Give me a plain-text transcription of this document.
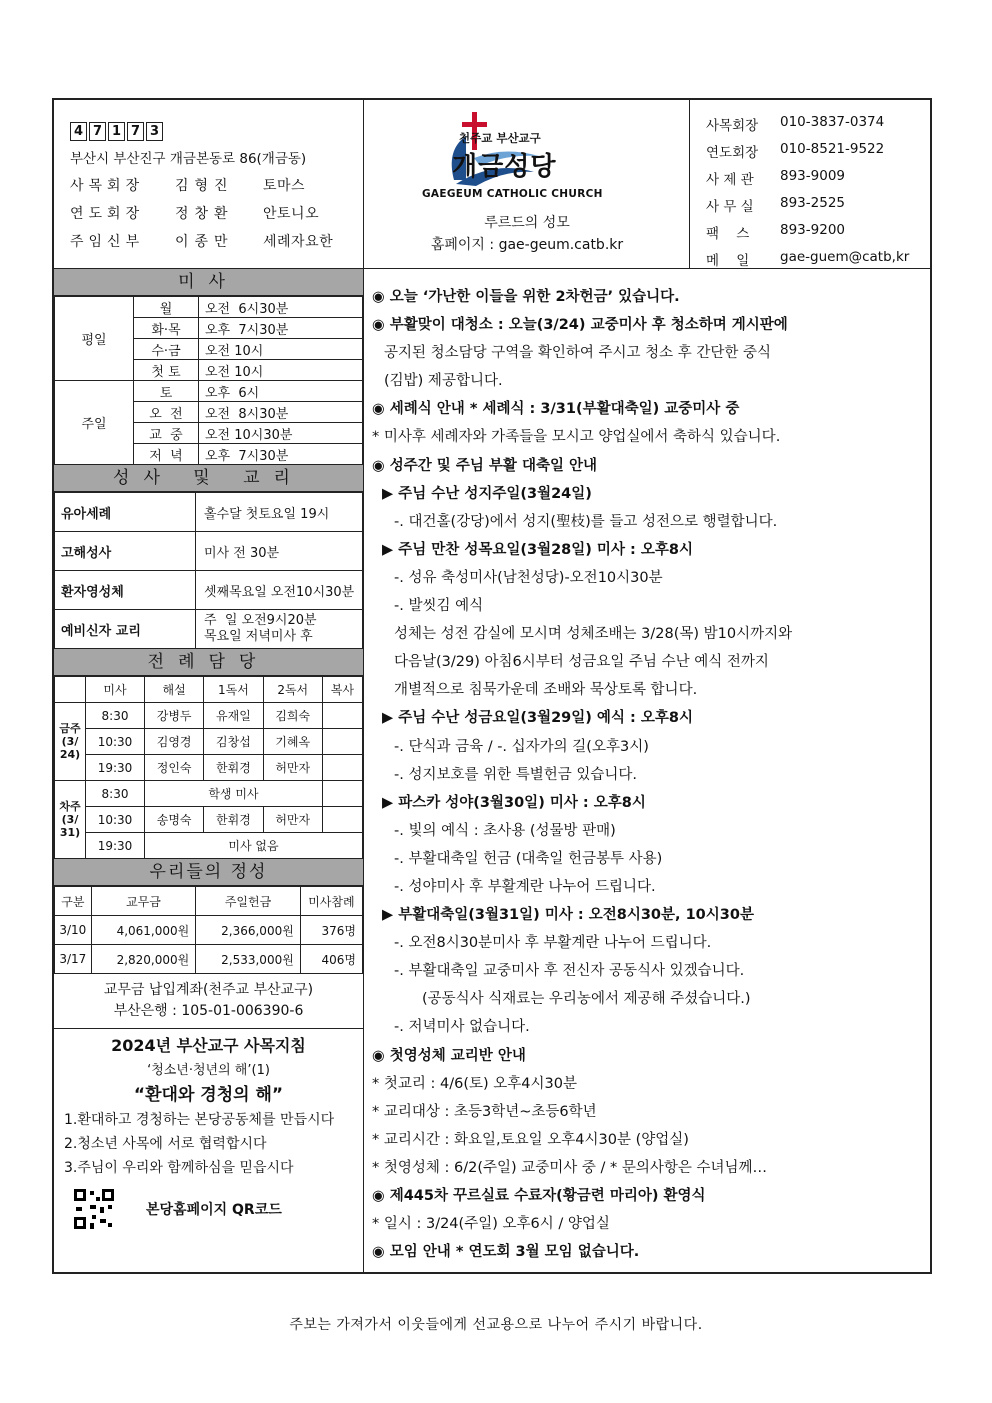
4 7 1 7 3
부산시 부산진구 개금본동로 86(개금동)
사목회장	김형진	토마스
연도회장	정창환	안토니오
주임신부	이종만	세례자요한
천주교 부산교구
개금성당
GAEGEUM CATHOLIC CHURCH
루르드의 성모
홈페이지 : gae-geum.catb.kr
사목회장	010-3837-0374
연도회장	010-8521-9522
사 제 관	893-9009
사 무 실	893-2525
팩    스	893-9200
메    일	gae-guem@catb,kr
미사
평일	월	오전  6시30분
	화·목	오후  7시30분
	수·금	오전 10시
	첫 토	오전 10시
주일	토	오후  6시
	오  전	오전  8시30분
	교  중	오전 10시30분
	저  녁	오후  7시30분
성사 및 교리
유아세례	홀수달 첫토요일 19시
고해성사	미사 전 30분
환자영성체	셋째목요일 오전10시30분
예비신자 교리	주  일 오전9시20분
목요일 저녁미사 후
전례담당
	미사	해설	1독서	2독서	복사
금주(3/24)	8:30	강병두	유재일	김희숙	
	10:30	김영경	김창섭	기혜옥	
	19:30	정인숙	한휘경	허만자	
차주(3/31)	8:30	학생 미사			
	10:30	송명숙	한휘경	허만자	
	19:30	미사 없음			
우리들의 정성
구분	교무금	주일헌금	미사참례
3/10	4,061,000원	2,366,000원	376명
3/17	2,820,000원	2,533,000원	406명
교무금 납입계좌(천주교 부산교구)
부산은행 : 105-01-006390-6
2024년 부산교구 사목지침
‘청소년·청년의 해’(1)
“환대와 경청의 해”
1.환대하고 경청하는 본당공동체를 만듭시다
2.청소년 사목에 서로 협력합시다
3.주님이 우리와 함께하심을 믿읍시다
본당홈페이지 QR코드
◉ 오늘 ‘가난한 이들을 위한 2차헌금’ 있습니다.
◉ 부활맞이 대청소 : 오늘(3/24) 교중미사 후 청소하며 게시판에
공지된 청소담당 구역을 확인하여 주시고 청소 후 간단한 중식
(김밥) 제공합니다.
◉ 세례식 안내 * 세례식 : 3/31(부활대축일) 교중미사 중
* 미사후 세례자와 가족들을 모시고 양업실에서 축하식 있습니다.
◉ 성주간 및 주님 부활 대축일 안내
▶ 주님 수난 성지주일(3월24일)
-. 대건홀(강당)에서 성지(聖枝)를 들고 성전으로 행렬합니다.
▶ 주님 만찬 성목요일(3월28일) 미사 : 오후8시
-. 성유 축성미사(남천성당)-오전10시30분
-. 발씻김 예식
성체는 성전 감실에 모시며 성체조배는 3/28(목) 밤10시까지와
다음날(3/29) 아침6시부터 성금요일 주님 수난 예식 전까지
개별적으로 침묵가운데 조배와 묵상토록 합니다.
▶ 주님 수난 성금요일(3월29일) 예식 : 오후8시
-. 단식과 금육 / -. 십자가의 길(오후3시)
-. 성지보호를 위한 특별헌금 있습니다.
▶ 파스카 성야(3월30일) 미사 : 오후8시
-. 빛의 예식 : 초사용 (성물방 판매)
-. 부활대축일 헌금 (대축일 헌금봉투 사용)
-. 성야미사 후 부활계란 나누어 드립니다.
▶ 부활대축일(3월31일) 미사 : 오전8시30분, 10시30분
-. 오전8시30분미사 후 부활계란 나누어 드립니다.
-. 부활대축일 교중미사 후 전신자 공동식사 있겠습니다.
(공동식사 식재료는 우리농에서 제공해 주셨습니다.)
-. 저녁미사 없습니다.
◉ 첫영성체 교리반 안내
* 첫교리 : 4/6(토) 오후4시30분
* 교리대상 : 초등3학년~초등6학년
* 교리시간 : 화요일,토요일 오후4시30분 (양업실)
* 첫영성체 : 6/2(주일) 교중미사 중 / * 문의사항은 수녀님께…
◉ 제445차 꾸르실료 수료자(황금련 마리아) 환영식
* 일시 : 3/24(주일) 오후6시 / 양업실
◉ 모임 안내 * 연도회 3월 모임 없습니다.
주보는 가져가서 이웃들에게 선교용으로 나누어 주시기 바랍니다.
